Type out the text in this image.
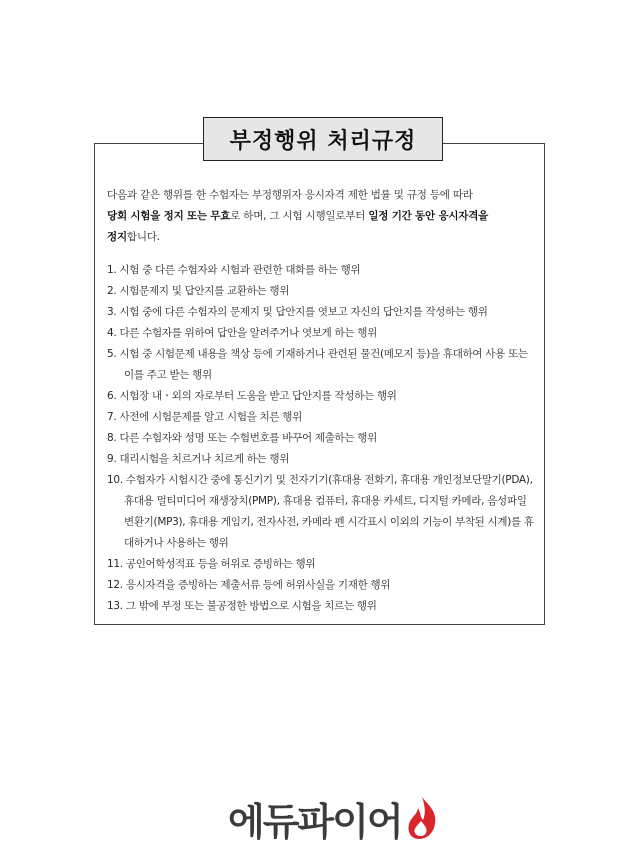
부정행위 처리규정
다음과 같은 행위를 한 수험자는 부정행위자 응시자격 제한 법률 및 규정 등에 따라
당회 시험을 정지 또는 무효로 하며, 그 시험 시행일로부터 일정 기간 동안 응시자격을
정지합니다.
1. 시험 중 다른 수험자와 시험과 관련한 대화를 하는 행위
2. 시험문제지 및 답안지를 교환하는 행위
3. 시험 중에 다른 수험자의 문제지 및 답안지를 엿보고 자신의 답안지를 작성하는 행위
4. 다른 수험자를 위하여 답안을 알려주거나 엿보게 하는 행위
5. 시험 중 시험문제 내용을 책상 등에 기재하거나 관련된 물건(메모지 등)을 휴대하여 사용 또는 이를 주고 받는 행위
6. 시험장 내ㆍ외의 자로부터 도움을 받고 답안지를 작성하는 행위
7. 사전에 시험문제를 알고 시험을 치른 행위
8. 다른 수험자와 성명 또는 수험번호를 바꾸어 제출하는 행위
9. 대리시험을 치르거나 치르게 하는 행위
10. 수험자가 시험시간 중에 통신기기 및 전자기기(휴대용 전화기, 휴대용 개인정보단말기(PDA), 휴대용 멀티미디어 재생장치(PMP), 휴대용 컴퓨터, 휴대용 카세트, 디지털 카메라, 음성파일 변환기(MP3), 휴대용 게임기, 전자사전, 카메라 펜 시각표시 이외의 기능이 부착된 시계)를 휴대하거나 사용하는 행위
11. 공인어학성적표 등을 허위로 증빙하는 행위
12. 응시자격을 증빙하는 제출서류 등에 허위사실을 기재한 행위
13. 그 밖에 부정 또는 불공정한 방법으로 시험을 치르는 행위
에듀파이어
